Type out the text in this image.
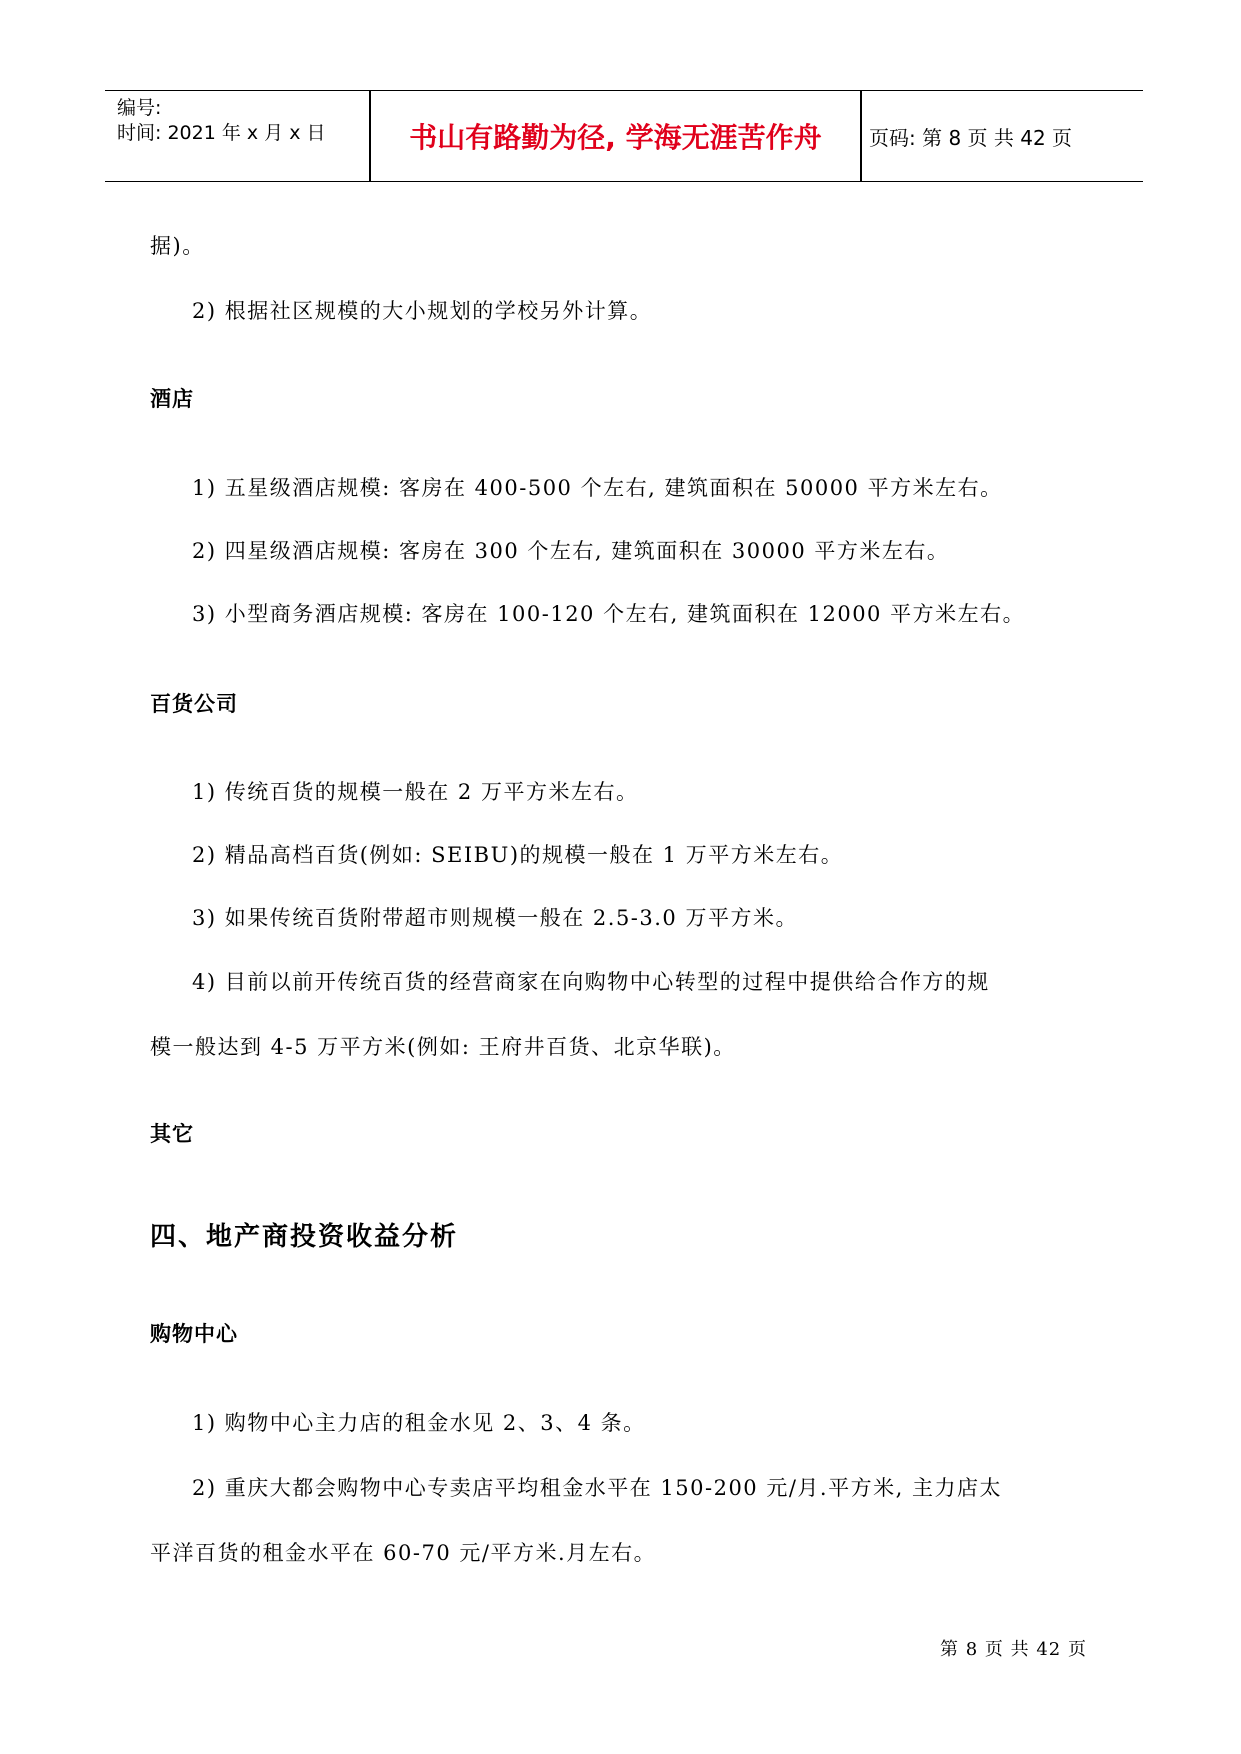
编号:
时间: 2021 年 x 月 x 日	书山有路勤为径, 学海无涯苦作舟	页码: 第 8 页 共 42 页
据)。
2) 根据社区规模的大小规划的学校另外计算。
酒店
1) 五星级酒店规模: 客房在 400-500 个左右, 建筑面积在 50000 平方米左右。
2) 四星级酒店规模: 客房在 300 个左右, 建筑面积在 30000 平方米左右。
3) 小型商务酒店规模: 客房在 100-120 个左右, 建筑面积在 12000 平方米左右。
百货公司
1) 传统百货的规模一般在 2 万平方米左右。
2) 精品高档百货(例如: SEIBU)的规模一般在 1 万平方米左右。
3) 如果传统百货附带超市则规模一般在 2.5-3.0 万平方米。
4) 目前以前开传统百货的经营商家在向购物中心转型的过程中提供给合作方的规
模一般达到 4-5 万平方米(例如: 王府井百货、北京华联)。
其它
四、地产商投资收益分析
购物中心
1) 购物中心主力店的租金水见 2、3、4 条。
2) 重庆大都会购物中心专卖店平均租金水平在 150-200 元/月.平方米, 主力店太
平洋百货的租金水平在 60-70 元/平方米.月左右。
第 8 页 共 42 页
